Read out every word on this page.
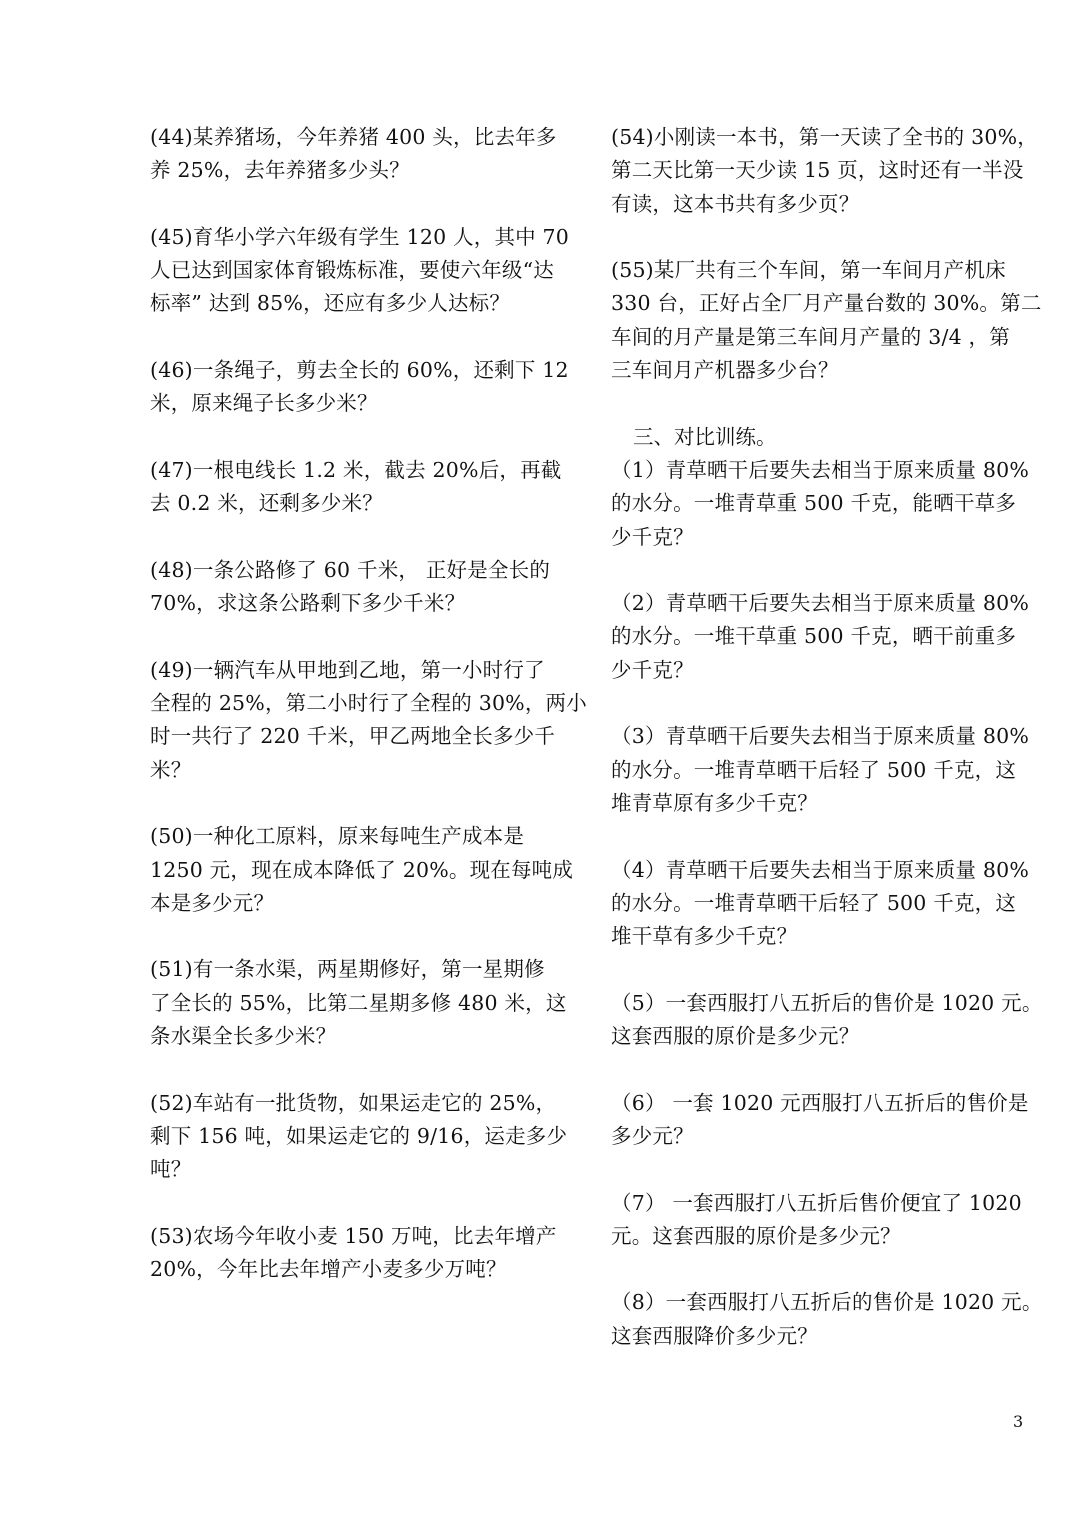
(44)某养猪场，今年养猪 400 头，比去年多
养 25%，去年养猪多少头？
(45)育华小学六年级有学生 120 人，其中 70
人已达到国家体育锻炼标准，要使六年级“达
标率” 达到 85%，还应有多少人达标？
(46)一条绳子，剪去全长的 60%，还剩下 12
米，原来绳子长多少米？
(47)一根电线长 1.2 米，截去 20%后，再截
去 0.2 米，还剩多少米？
(48)一条公路修了 60 千米， 正好是全长的
70%，求这条公路剩下多少千米？
(49)一辆汽车从甲地到乙地，第一小时行了
全程的 25%，第二小时行了全程的 30%，两小
时一共行了 220 千米，甲乙两地全长多少千
米？
(50)一种化工原料，原来每吨生产成本是
1250 元，现在成本降低了 20%。现在每吨成
本是多少元？
(51)有一条水渠，两星期修好，第一星期修
了全长的 55%，比第二星期多修 480 米，这
条水渠全长多少米？
(52)车站有一批货物，如果运走它的 25%，
剩下 156 吨，如果运走它的 9/16，运走多少
吨？
(53)农场今年收小麦 150 万吨，比去年增产
20%，今年比去年增产小麦多少万吨？
(54)小刚读一本书，第一天读了全书的 30%，
第二天比第一天少读 15 页，这时还有一半没
有读，这本书共有多少页？
(55)某厂共有三个车间，第一车间月产机床
330 台，正好占全厂月产量台数的 30%。第二
车间的月产量是第三车间月产量的 3/4 ，第
三车间月产机器多少台？
三、对比训练。
（1）青草晒干后要失去相当于原来质量 80%
的水分。一堆青草重 500 千克，能晒干草多
少千克？
（2）青草晒干后要失去相当于原来质量 80%
的水分。一堆干草重 500 千克，晒干前重多
少千克？
（3）青草晒干后要失去相当于原来质量 80%
的水分。一堆青草晒干后轻了 500 千克，这
堆青草原有多少千克？
（4）青草晒干后要失去相当于原来质量 80%
的水分。一堆青草晒干后轻了 500 千克，这
堆干草有多少千克？
（5）一套西服打八五折后的售价是 1020 元。
这套西服的原价是多少元？
（6） 一套 1020 元西服打八五折后的售价是
多少元？
（7） 一套西服打八五折后售价便宜了 1020
元。这套西服的原价是多少元？
（8）一套西服打八五折后的售价是 1020 元。
这套西服降价多少元？
3
